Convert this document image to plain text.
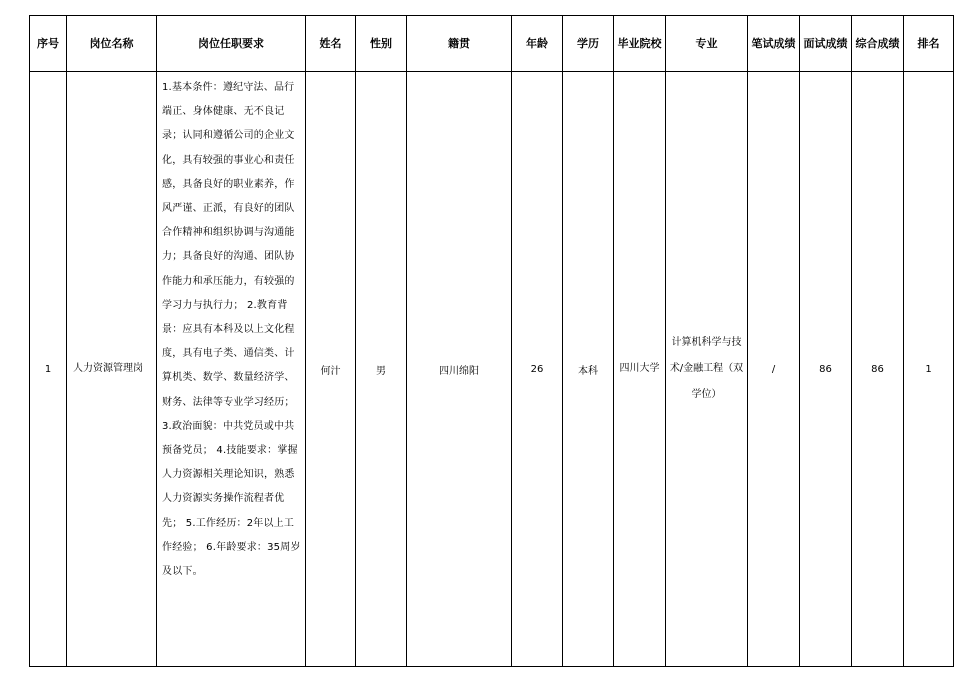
序号	岗位名称	岗位任职要求	姓名	性别	籍贯	年龄	学历	毕业院校	专业	笔试成绩	面试成绩	综合成绩	排名
1	人力资源管理岗	1.基本条件：遵纪守法、品行端正、身体健康、无不良记录；认同和遵循公司的企业文化，具有较强的事业心和责任感，具备良好的职业素养，作风严谨、正派，有良好的团队合作精神和组织协调与沟通能力；具备良好的沟通、团队协作能力和承压能力，有较强的学习力与执行力； 2.教育背景：应具有本科及以上文化程度，具有电子类、通信类、计算机类、数学、数量经济学、财务、法律等专业学习经历；3.政治面貌：中共党员或中共预备党员； 4.技能要求：掌握人力资源相关理论知识，熟悉人力资源实务操作流程者优先； 5.工作经历：2年以上工作经验； 6.年龄要求：35周岁及以下。	何汁	男	四川绵阳	26	本科	四川大学	计算机科学与技术/金融工程（双学位）	/	86	86	1
